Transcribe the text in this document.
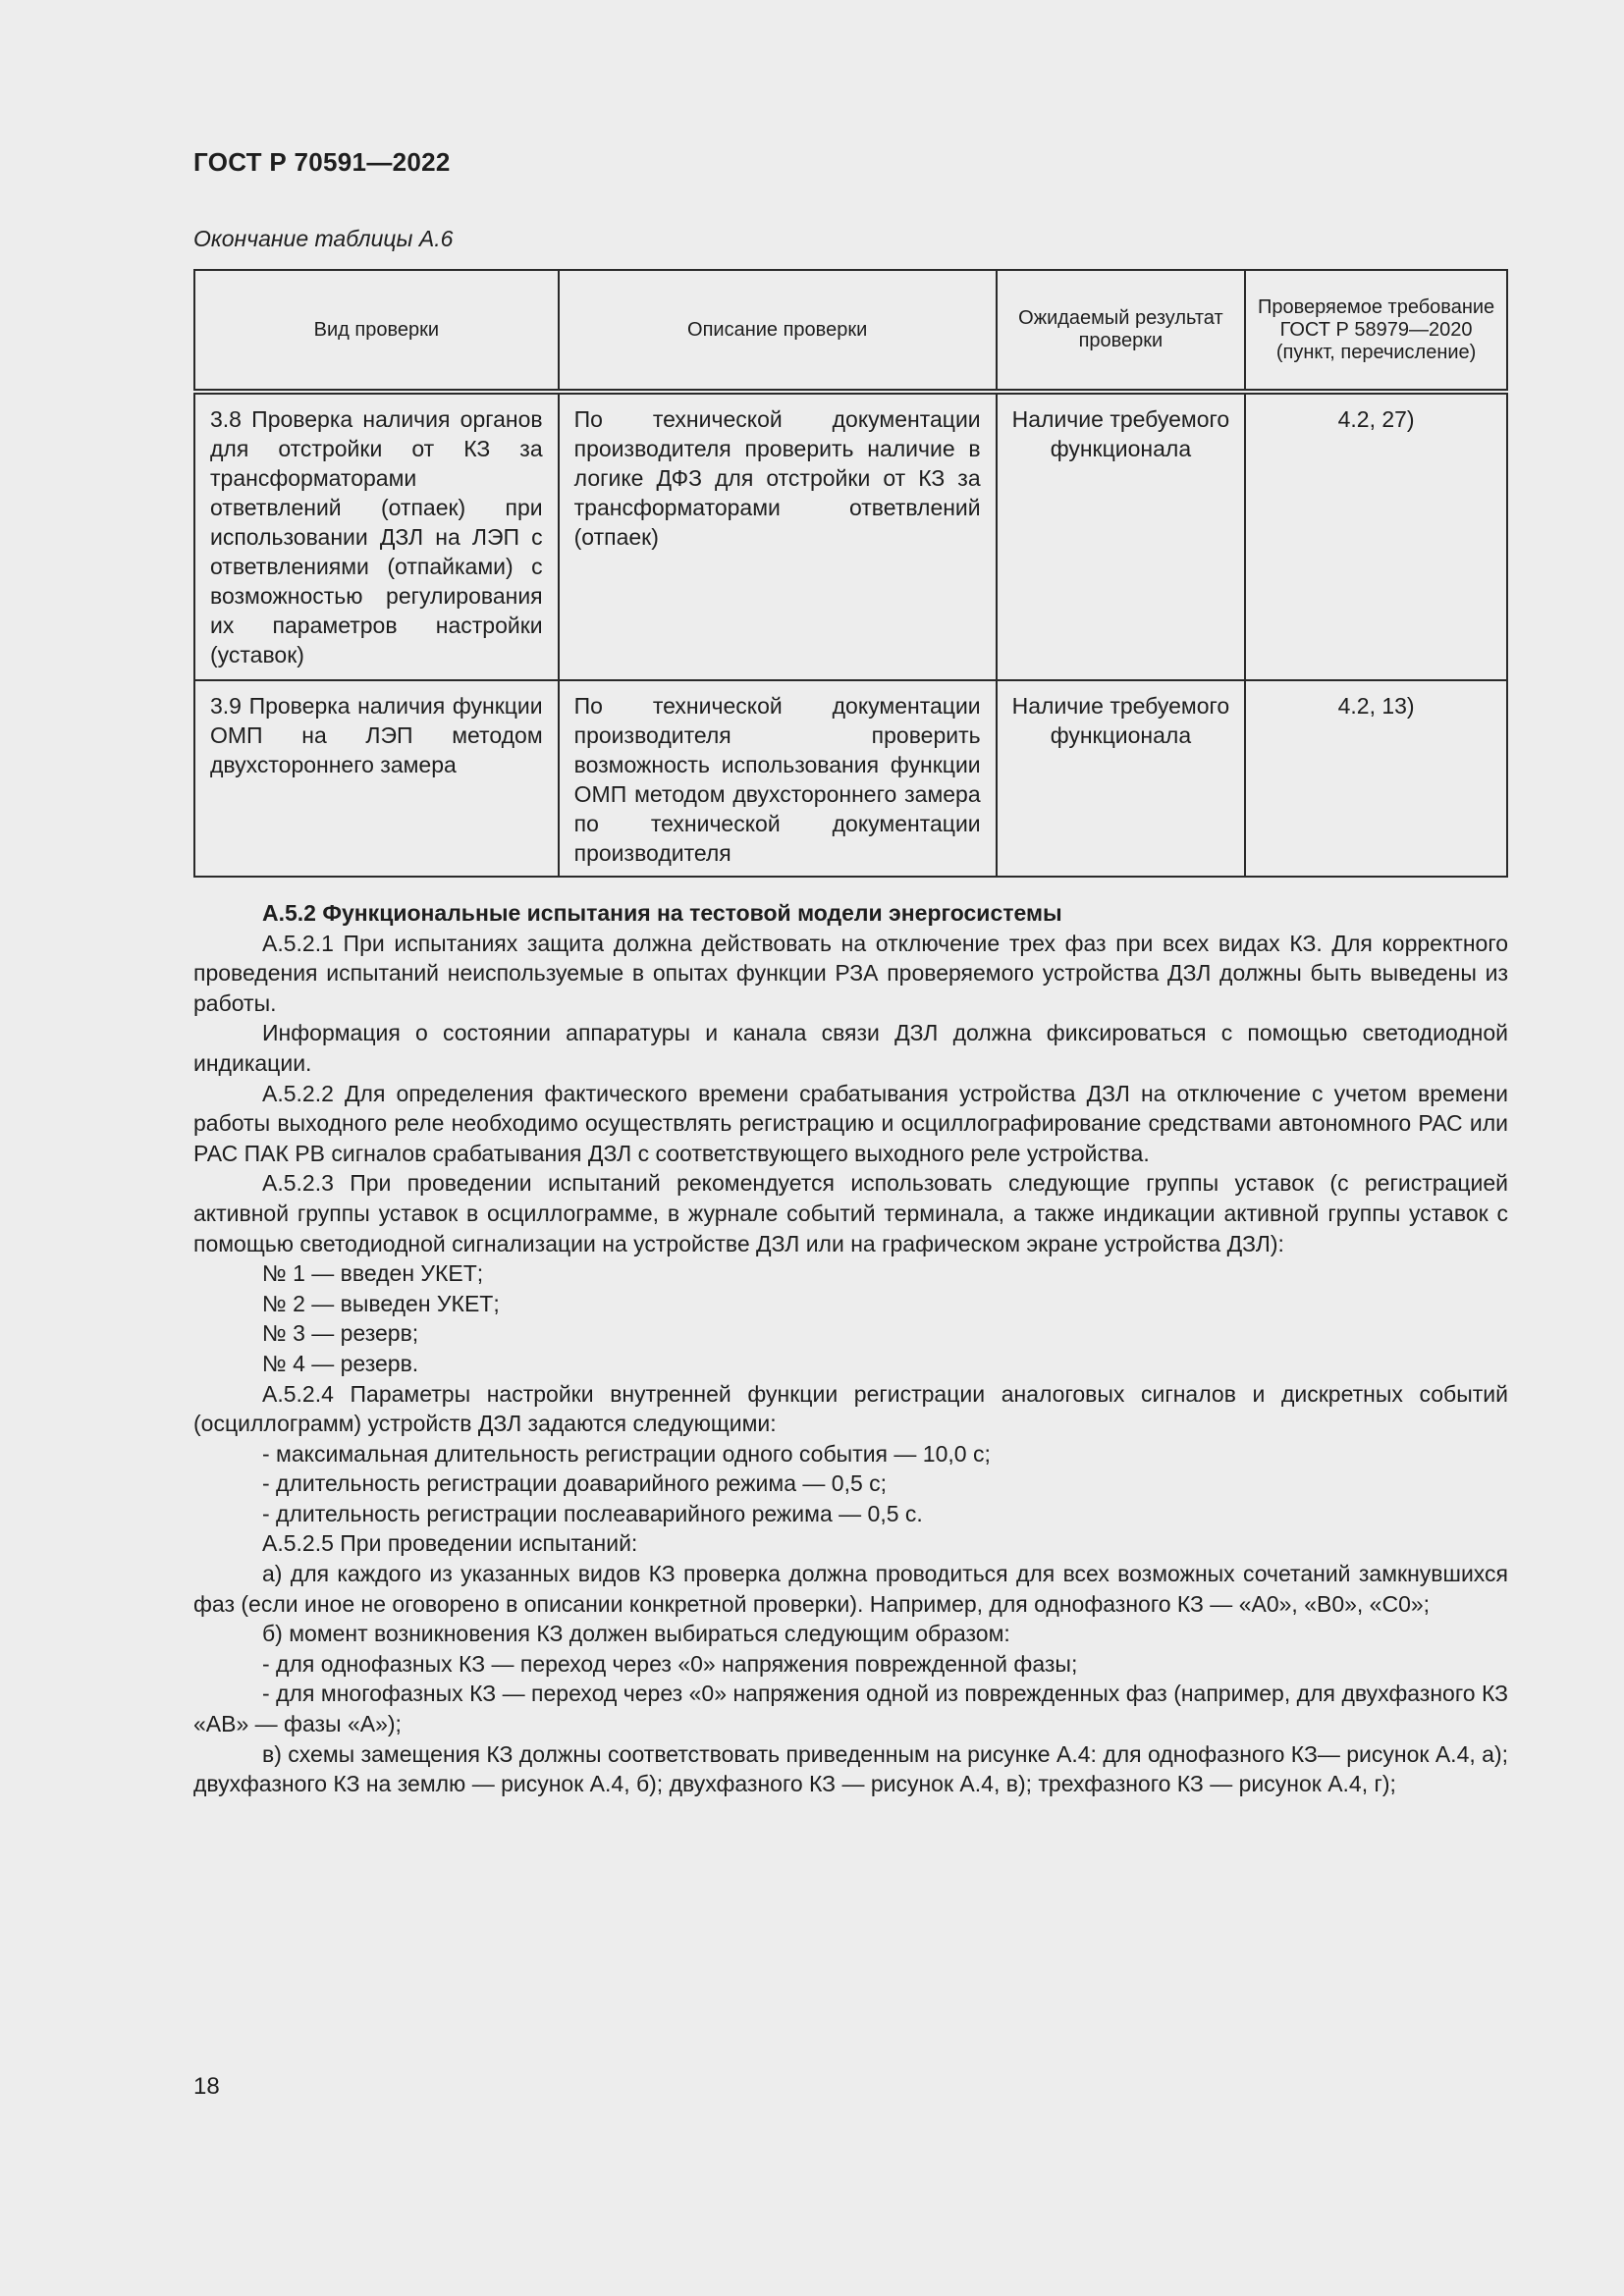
ГОСТ Р 70591—2022
Окончание таблицы А.6
Вид проверки	Описание проверки	Ожидаемый результат проверки	Проверяемое требование ГОСТ Р 58979—2020 (пункт, перечисление)
3.8 Проверка наличия органов для отстройки от КЗ за трансформаторами ответвлений (отпаек) при использовании ДЗЛ на ЛЭП с ответвлениями (отпайками) с возможностью регулирования их параметров настройки (уставок)	По технической документации производителя проверить наличие в логике ДФЗ для отстройки от КЗ за трансформаторами ответвлений (отпаек)	Наличие требуемого функционала	4.2, 27)
3.9 Проверка наличия функции ОМП на ЛЭП методом двухстороннего замера	По технической документации производителя проверить возможность использования функции ОМП методом двухстороннего замера по технической документации производителя	Наличие требуемого функционала	4.2, 13)

А.5.2 Функциональные испытания на тестовой модели энергосистемы

А.5.2.1 При испытаниях защита должна действовать на отключение трех фаз при всех видах КЗ. Для корректного проведения испытаний неиспользуемые в опытах функции РЗА проверяемого устройства ДЗЛ должны быть выведены из работы.

Информация о состоянии аппаратуры и канала связи ДЗЛ должна фиксироваться с помощью светодиодной индикации.

А.5.2.2 Для определения фактического времени срабатывания устройства ДЗЛ на отключение с учетом времени работы выходного реле необходимо осуществлять регистрацию и осциллографирование средствами автономного РАС или РАС ПАК РВ сигналов срабатывания ДЗЛ с соответствующего выходного реле устройства.

А.5.2.3 При проведении испытаний рекомендуется использовать следующие группы уставок (с регистрацией активной группы уставок в осциллограмме, в журнале событий терминала, а также индикации активной группы уставок с помощью светодиодной сигнализации на устройстве ДЗЛ или на графическом экране устройства ДЗЛ):

№ 1 — введен УКЕТ;

№ 2 — выведен УКЕТ;

№ 3 — резерв;

№ 4 — резерв.

А.5.2.4 Параметры настройки внутренней функции регистрации аналоговых сигналов и дискретных событий (осциллограмм) устройств ДЗЛ задаются следующими:

- максимальная длительность регистрации одного события — 10,0 с;

- длительность регистрации доаварийного режима — 0,5 с;

- длительность регистрации послеаварийного режима — 0,5 с.

А.5.2.5 При проведении испытаний:

а) для каждого из указанных видов КЗ проверка должна проводиться для всех возможных сочетаний замкнувшихся фаз (если иное не оговорено в описании конкретной проверки). Например, для однофазного КЗ — «А0», «В0», «С0»;

б) момент возникновения КЗ должен выбираться следующим образом:

- для однофазных КЗ — переход через «0» напряжения поврежденной фазы;

- для многофазных КЗ — переход через «0» напряжения одной из поврежденных фаз (например, для двухфазного КЗ «АВ» — фазы «А»);

в) схемы замещения КЗ должны соответствовать приведенным на рисунке А.4: для однофазного КЗ— рисунок А.4, а); двухфазного КЗ на землю — рисунок А.4, б); двухфазного КЗ — рисунок А.4, в); трехфазного КЗ — рисунок А.4, г);

18
